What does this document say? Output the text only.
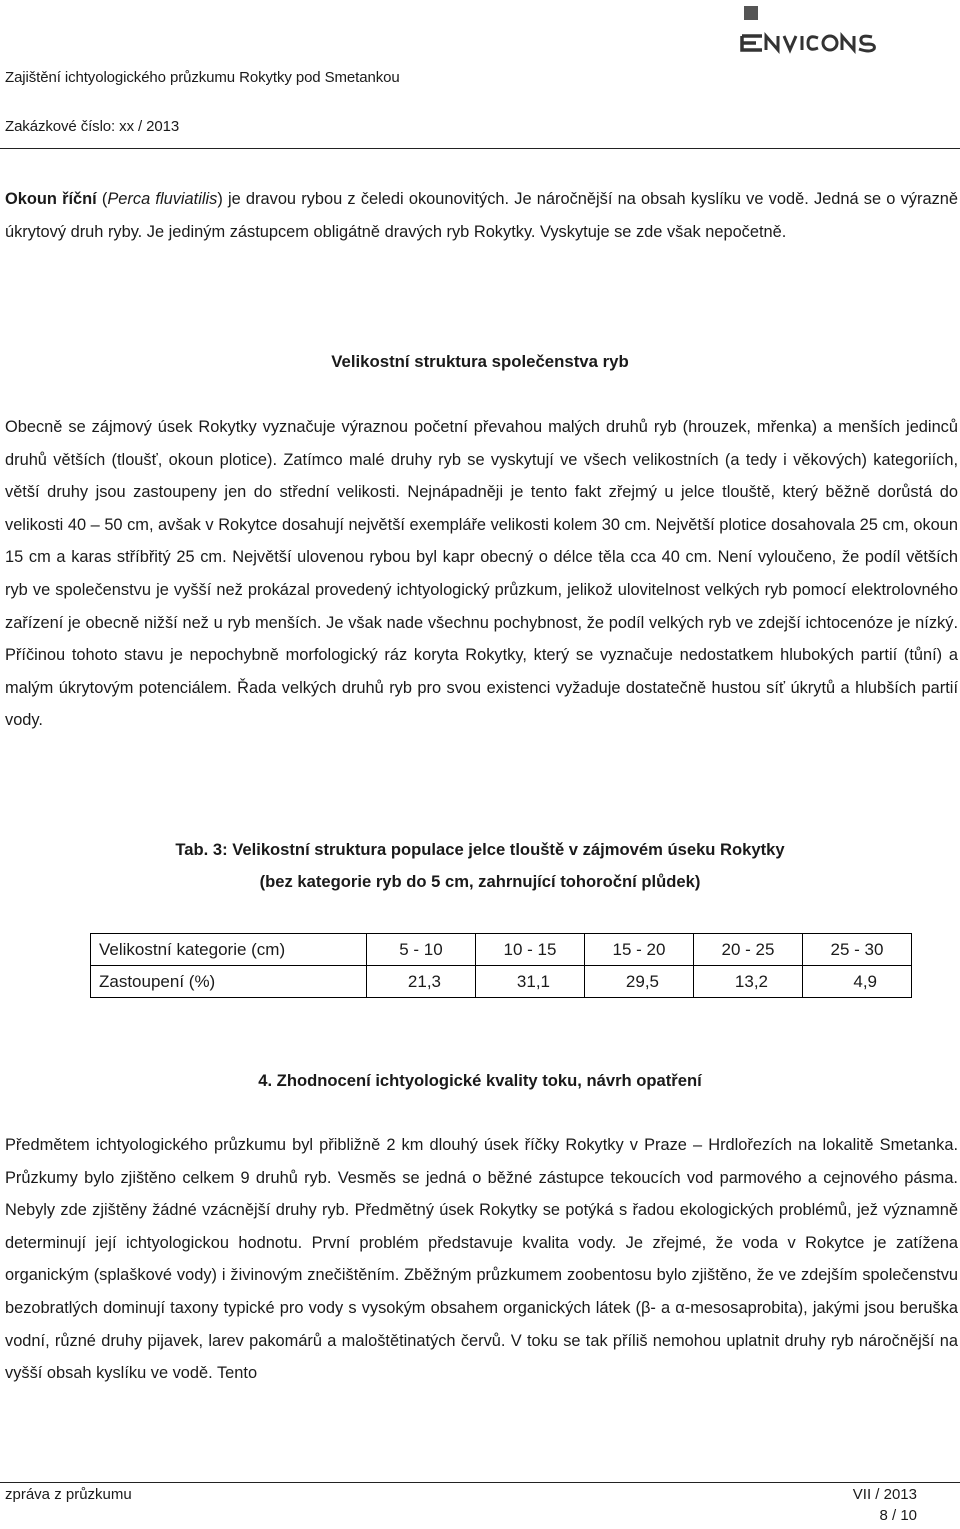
Zajištění ichtyologického průzkumu Rokytky pod Smetankou
Zakázkové číslo: xx / 2013

Okoun říční (Perca fluviatilis) je dravou rybou z čeledi okounovitých. Je náročnější na obsah kyslíku ve vodě. Jedná se o výrazně úkrytový druh ryby. Je jediným zástupcem obligátně dravých ryb Rokytky. Vyskytuje se zde však nepočetně.

Velikostní struktura společenstva ryb

Obecně se zájmový úsek Rokytky vyznačuje výraznou početní převahou malých druhů ryb (hrouzek, mřenka) a menších jedinců druhů větších (tloušť, okoun plotice). Zatímco malé druhy ryb se vyskytují ve všech velikostních (a tedy i věkových) kategoriích, větší druhy jsou zastoupeny jen do střední velikosti. Nejnápadněji je tento fakt zřejmý u jelce tlouště, který běžně dorůstá do velikosti 40 – 50 cm, avšak v Rokytce dosahují největší exempláře velikosti kolem 30 cm. Největší plotice dosahovala 25 cm, okoun 15 cm a karas stříbřitý 25 cm. Největší ulovenou rybou byl kapr obecný o délce těla cca 40 cm. Není vyloučeno, že podíl větších ryb ve společenstvu je vyšší než prokázal provedený ichtyologický průzkum, jelikož ulovitelnost velkých ryb pomocí elektrolovného zařízení je obecně nižší než u ryb menších. Je však nade všechnu pochybnost, že podíl velkých ryb ve zdejší ichtocenóze je nízký. Příčinou tohoto stavu je nepochybně morfologický ráz koryta Rokytky, který se vyznačuje nedostatkem hlubokých partií (tůní) a malým úkrytovým potenciálem. Řada velkých druhů ryb pro svou existenci vyžaduje dostatečně hustou síť úkrytů a hlubších partií vody.

Tab. 3: Velikostní struktura populace jelce tlouště v zájmovém úseku Rokytky
(bez kategorie ryb do 5 cm, zahrnující tohoroční plůdek)
Velikostní kategorie (cm)	5 - 10	10 - 15	15 - 20	20 - 25	25 - 30
Zastoupení (%)	21,3	31,1	29,5	13,2	4,9
4. Zhodnocení ichtyologické kvality toku, návrh opatření

Předmětem ichtyologického průzkumu byl přibližně 2 km dlouhý úsek říčky Rokytky v Praze – Hrdlořezích na lokalitě Smetanka. Průzkumy bylo zjištěno celkem 9 druhů ryb. Vesměs se jedná o běžné zástupce tekoucích vod parmového a cejnového pásma. Nebyly zde zjištěny žádné vzácnější druhy ryb. Předmětný úsek Rokytky se potýká s řadou ekologických problémů, jež významně determinují její ichtyologickou hodnotu. První problém představuje kvalita vody. Je zřejmé, že voda v Rokytce je zatížena organickým (splaškové vody) i živinovým znečištěním. Zběžným průzkumem zoobentosu bylo zjištěno, že ve zdejším společenstvu bezobratlých dominují taxony typické pro vody s vysokým obsahem organických látek (β- a α-mesosaprobita), jakými jsou beruška vodní, různé druhy pijavek, larev pakomárů a maloštětinatých červů. V toku se tak příliš nemohou uplatnit druhy ryb náročnější na vyšší obsah kyslíku ve vodě. Tento

zpráva z průzkumu	VII / 2013
8 / 10
